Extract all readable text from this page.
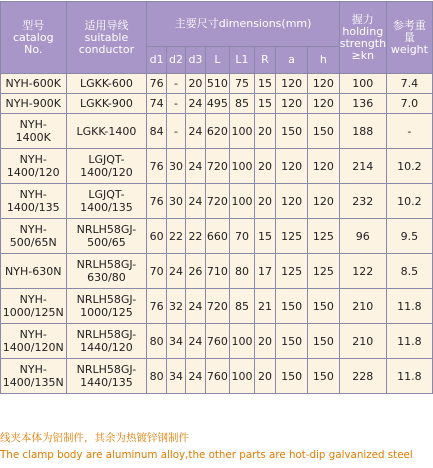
型号
catalog
No.	适用导线
suitable
conductor	主要尺寸dimensions(mm)								握力
holding
strength
≥kn	参考重
量
weight
		d1	d2	d3	L	L1	R	a	h		
NYH-600K	LGKK-600	76	-	20	510	75	15	120	120	100	7.4
NYH-900K	LGKK-900	74	-	24	495	85	15	120	120	136	7.0
NYH-
1400K	LGKK-1400	84	-	24	620	100	20	150	150	188	-
NYH-
1400/120	LGJQT-
1400/120	76	30	24	720	100	20	120	120	214	10.2
NYH-
1400/135	LGJQT-
1400/135	76	30	24	720	100	20	120	120	232	10.2
NYH-
500/65N	NRLH58GJ-
500/65	60	22	22	660	70	15	125	125	96	9.5
NYH-630N	NRLH58GJ-
630/80	70	24	26	710	80	17	125	125	122	8.5
NYH-
1000/125N	NRLH58GJ-
1000/125	76	32	24	720	85	21	150	150	210	11.8
NYH-
1400/120N	NRLH58GJ-
1440/120	80	34	24	760	100	20	150	150	210	11.8
NYH-
1400/135N	NRLH58GJ-
1440/135	80	34	24	760	100	20	150	150	228	11.8
线夹本体为铝制件，其余为热镀锌钢制件
The clamp body are aluminum alloy,the other parts are hot-dip galvanized steel
